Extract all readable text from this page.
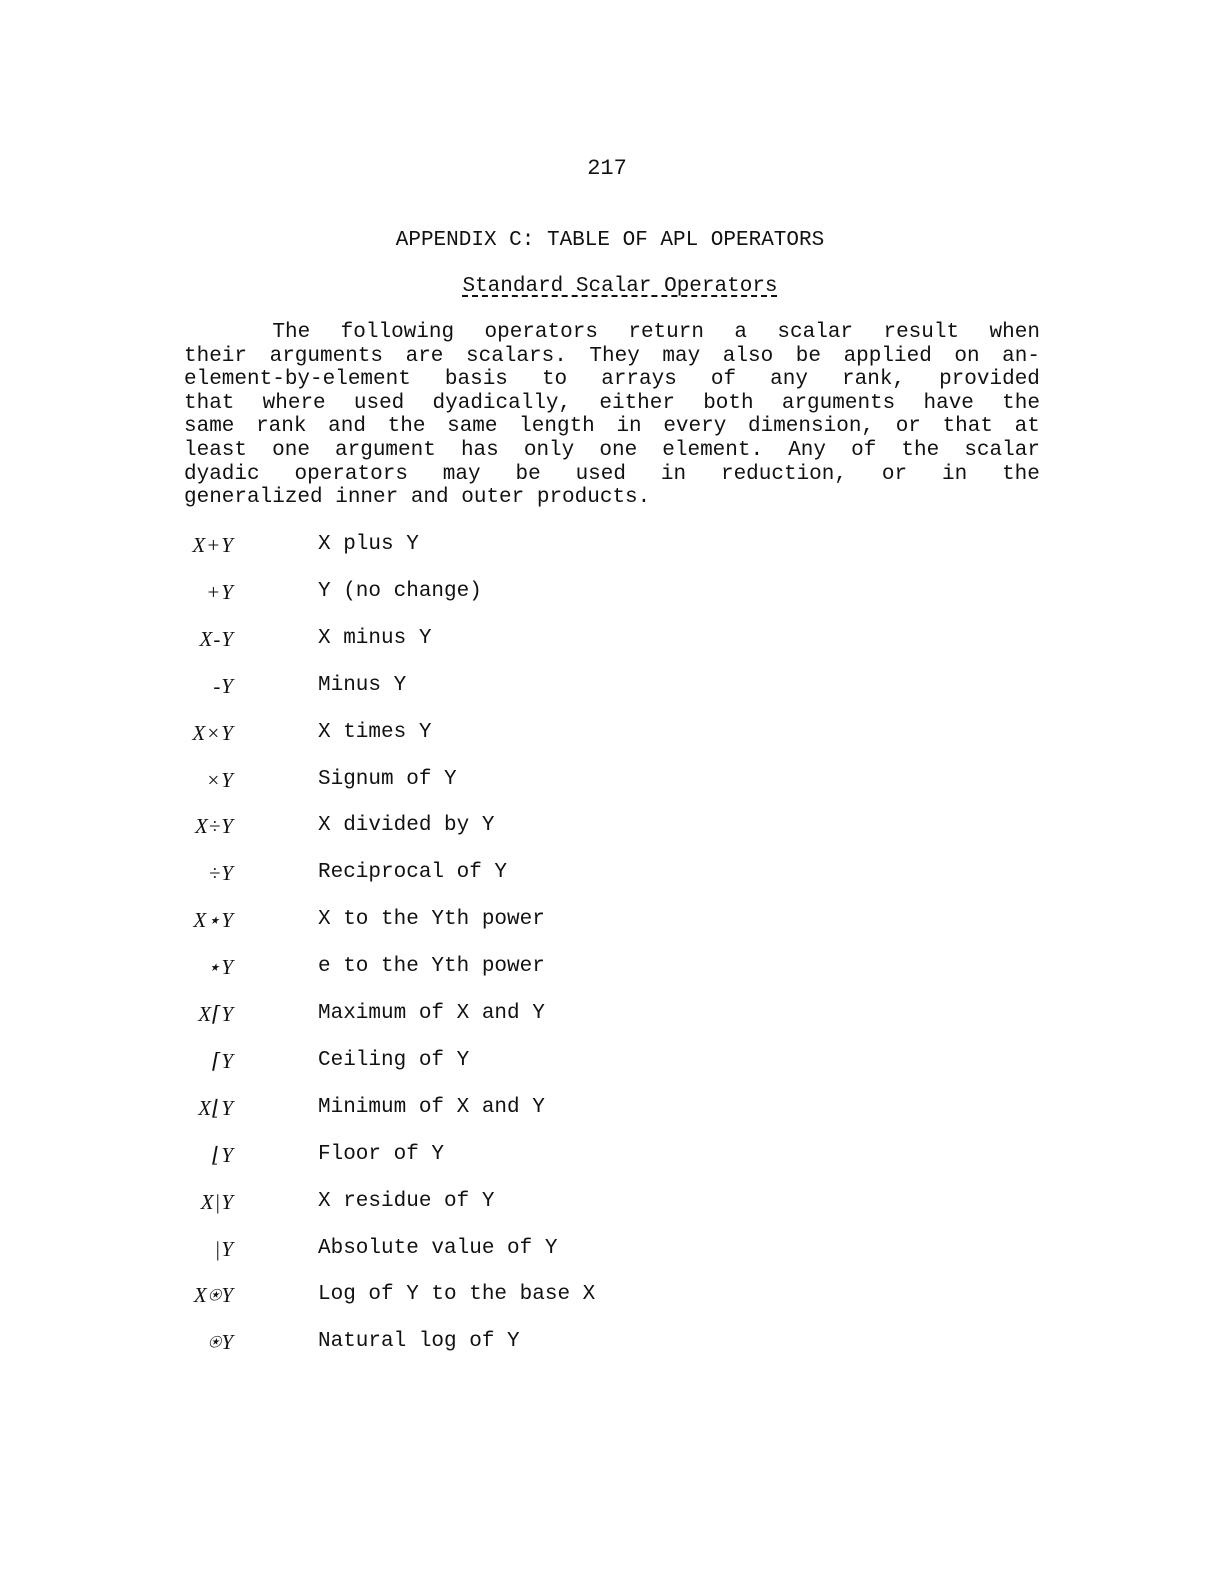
217
APPENDIX C: TABLE OF APL OPERATORS
Standard Scalar Operators
The following operators return a scalar result when
their arguments are scalars. They may also be applied on an-
element-by-element basis to arrays of any rank, provided
that where used dyadically, either both arguments have the
same rank and the same length in every dimension, or that at
least one argument has only one element. Any of the scalar
dyadic operators may be used in reduction, or in the
generalized inner and outer products.
X+Y	X plus Y
+Y	Y (no change)
X-Y	X minus Y
-Y	Minus Y
X×Y	X times Y
×Y	Signum of Y
X÷Y	X divided by Y
÷Y	Reciprocal of Y
X⋆Y	X to the Yth power
⋆Y	e to the Yth power
X⌈Y	Maximum of X and Y
⌈Y	Ceiling of Y
X⌊Y	Minimum of X and Y
⌊Y	Floor of Y
X|Y	X residue of Y
|Y	Absolute value of Y
X⍟Y	Log of Y to the base X
⍟Y	Natural log of Y
